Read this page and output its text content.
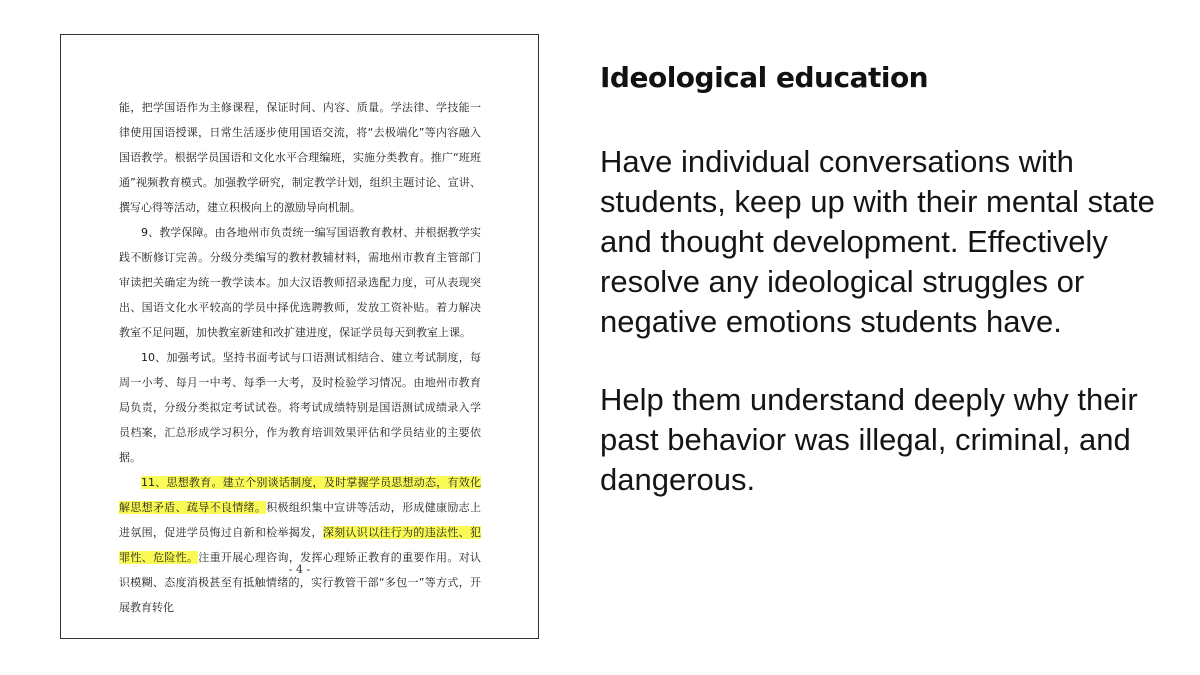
能，把学国语作为主修课程，保证时间、内容、质量。学法律、学技能一律使用国语授课，日常生活逐步使用国语交流，将“去极端化”等内容融入国语教学。根据学员国语和文化水平合理编班，实施分类教育。推广“班班通”视频教育模式。加强教学研究，制定教学计划，组织主题讨论、宣讲、撰写心得等活动，建立积极向上的激励导向机制。

9、教学保障。由各地州市负责统一编写国语教育教材、并根据教学实践不断修订完善。分级分类编写的教材教辅材料，需地州市教育主管部门审读把关确定为统一教学读本。加大汉语教师招录选配力度，可从表现突出、国语文化水平较高的学员中择优选聘教师，发放工资补贴。着力解决教室不足问题，加快教室新建和改扩建进度，保证学员每天到教室上课。

10、加强考试。坚持书面考试与口语测试相结合、建立考试制度，每周一小考、每月一中考、每季一大考，及时检验学习情况。由地州市教育局负责，分级分类拟定考试试卷。将考试成绩特别是国语测试成绩录入学员档案，汇总形成学习积分，作为教育培训效果评估和学员结业的主要依据。

11、思想教育。建立个别谈话制度，及时掌握学员思想动态，有效化解思想矛盾、疏导不良情绪。积极组织集中宣讲等活动，形成健康励志上进氛围，促进学员悔过自新和检举揭发，深刻认识以往行为的违法性、犯罪性、危险性。注重开展心理咨询，发挥心理矫正教育的重要作用。对认识模糊、态度消极甚至有抵触情绪的，实行教管干部“多包一”等方式，开展教育转化

- 4 -
Ideological education

Have individual conversations with students, keep up with their mental state and thought development. Effectively resolve any ideological struggles or negative emotions students have.

Help them understand deeply why their past behavior was illegal, criminal, and dangerous.
